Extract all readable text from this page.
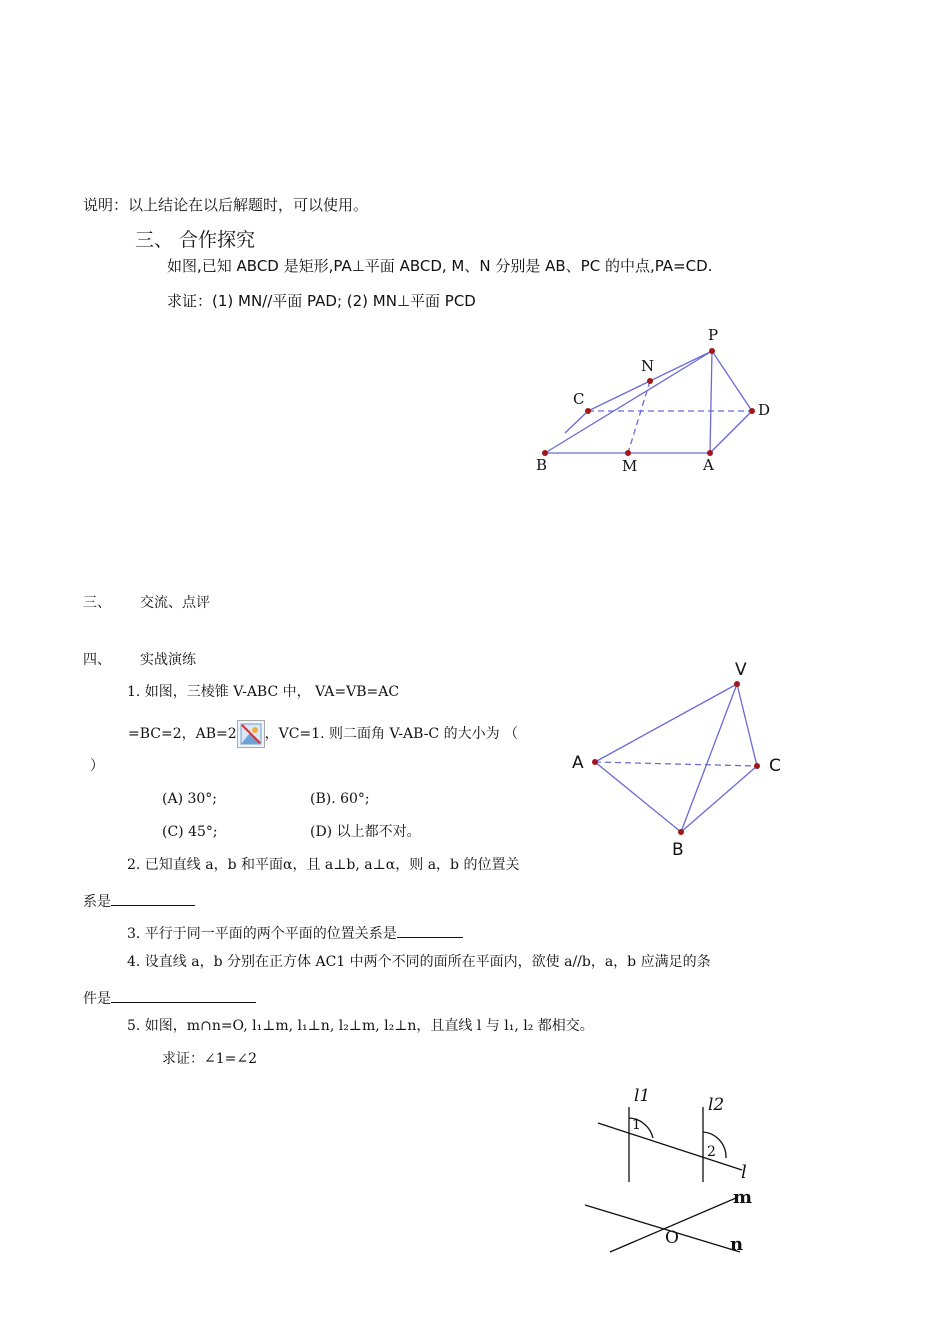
说明：以上结论在以后解题时，可以使用。
三、 合作探究
如图,已知 ABCD 是矩形,PA⊥平面 ABCD, M、N 分别是 AB、PC 的中点,PA=CD.
求证：(1) MN//平面 PAD; (2) MN⊥平面 PCD
P
N
C
D
B	M	A
三、 交流、点评
四、 实战演练
1. 如图，三棱锥 V-ABC 中， VA=VB=AC
=BC=2，AB=2 ，VC=1. 则二面角 V-AB-C 的大小为 （
）
(A) 30°;	(B). 60°;
(C) 45°;	(D) 以上都不对。
V
A	C
B
2. 已知直线 a，b 和平面α，且 a⊥b, a⊥α，则 a，b 的位置关
系是
3. 平行于同一平面的两个平面的位置关系是
4. 设直线 a，b 分别在正方体 AC1 中两个不同的面所在平面内，欲使 a//b，a，b 应满足的条
件是
5. 如图，m∩n=O, l₁⊥m, l₁⊥n, l₂⊥m, l₂⊥n，且直线 l 与 l₁, l₂ 都相交。
求证：∠1=∠2
l1	l2
1
2
l
m
n
O
